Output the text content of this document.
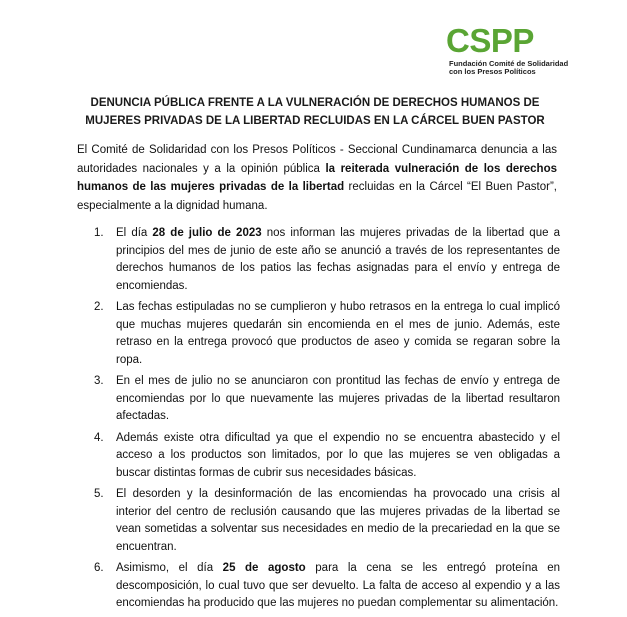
CSPP
Fundación Comité de Solidaridad
con los Presos Políticos
DENUNCIA PÚBLICA FRENTE A LA VULNERACIÓN DE DERECHOS HUMANOS DE
MUJERES PRIVADAS DE LA LIBERTAD RECLUIDAS EN LA CÁRCEL BUEN PASTOR

El Comité de Solidaridad con los Presos Políticos - Seccional Cundinamarca denuncia a las autoridades nacionales y a la opinión pública la reiterada vulneración de los derechos humanos de las mujeres privadas de la libertad recluidas en la Cárcel “El Buen Pastor”, especialmente a la dignidad humana.

1. El día 28 de julio de 2023 nos informan las mujeres privadas de la libertad que a principios del mes de junio de este año se anunció a través de los representantes de derechos humanos de los patios las fechas asignadas para el envío y entrega de encomiendas.
2. Las fechas estipuladas no se cumplieron y hubo retrasos en la entrega lo cual implicó que muchas mujeres quedarán sin encomienda en el mes de junio. Además, este retraso en la entrega provocó que productos de aseo y comida se regaran sobre la ropa.
3. En el mes de julio no se anunciaron con prontitud las fechas de envío y entrega de encomiendas por lo que nuevamente las mujeres privadas de la libertad resultaron afectadas.
4. Además existe otra dificultad ya que el expendio no se encuentra abastecido y el acceso a los productos son limitados, por lo que las mujeres se ven obligadas a buscar distintas formas de cubrir sus necesidades básicas.
5. El desorden y la desinformación de las encomiendas ha provocado una crisis al interior del centro de reclusión causando que las mujeres privadas de la libertad se vean sometidas a solventar sus necesidades en medio de la precariedad en la que se encuentran.
6. Asimismo, el día 25 de agosto para la cena se les entregó proteína en descomposición, lo cual tuvo que ser devuelto. La falta de acceso al expendio y a las encomiendas ha producido que las mujeres no puedan complementar su alimentación.
